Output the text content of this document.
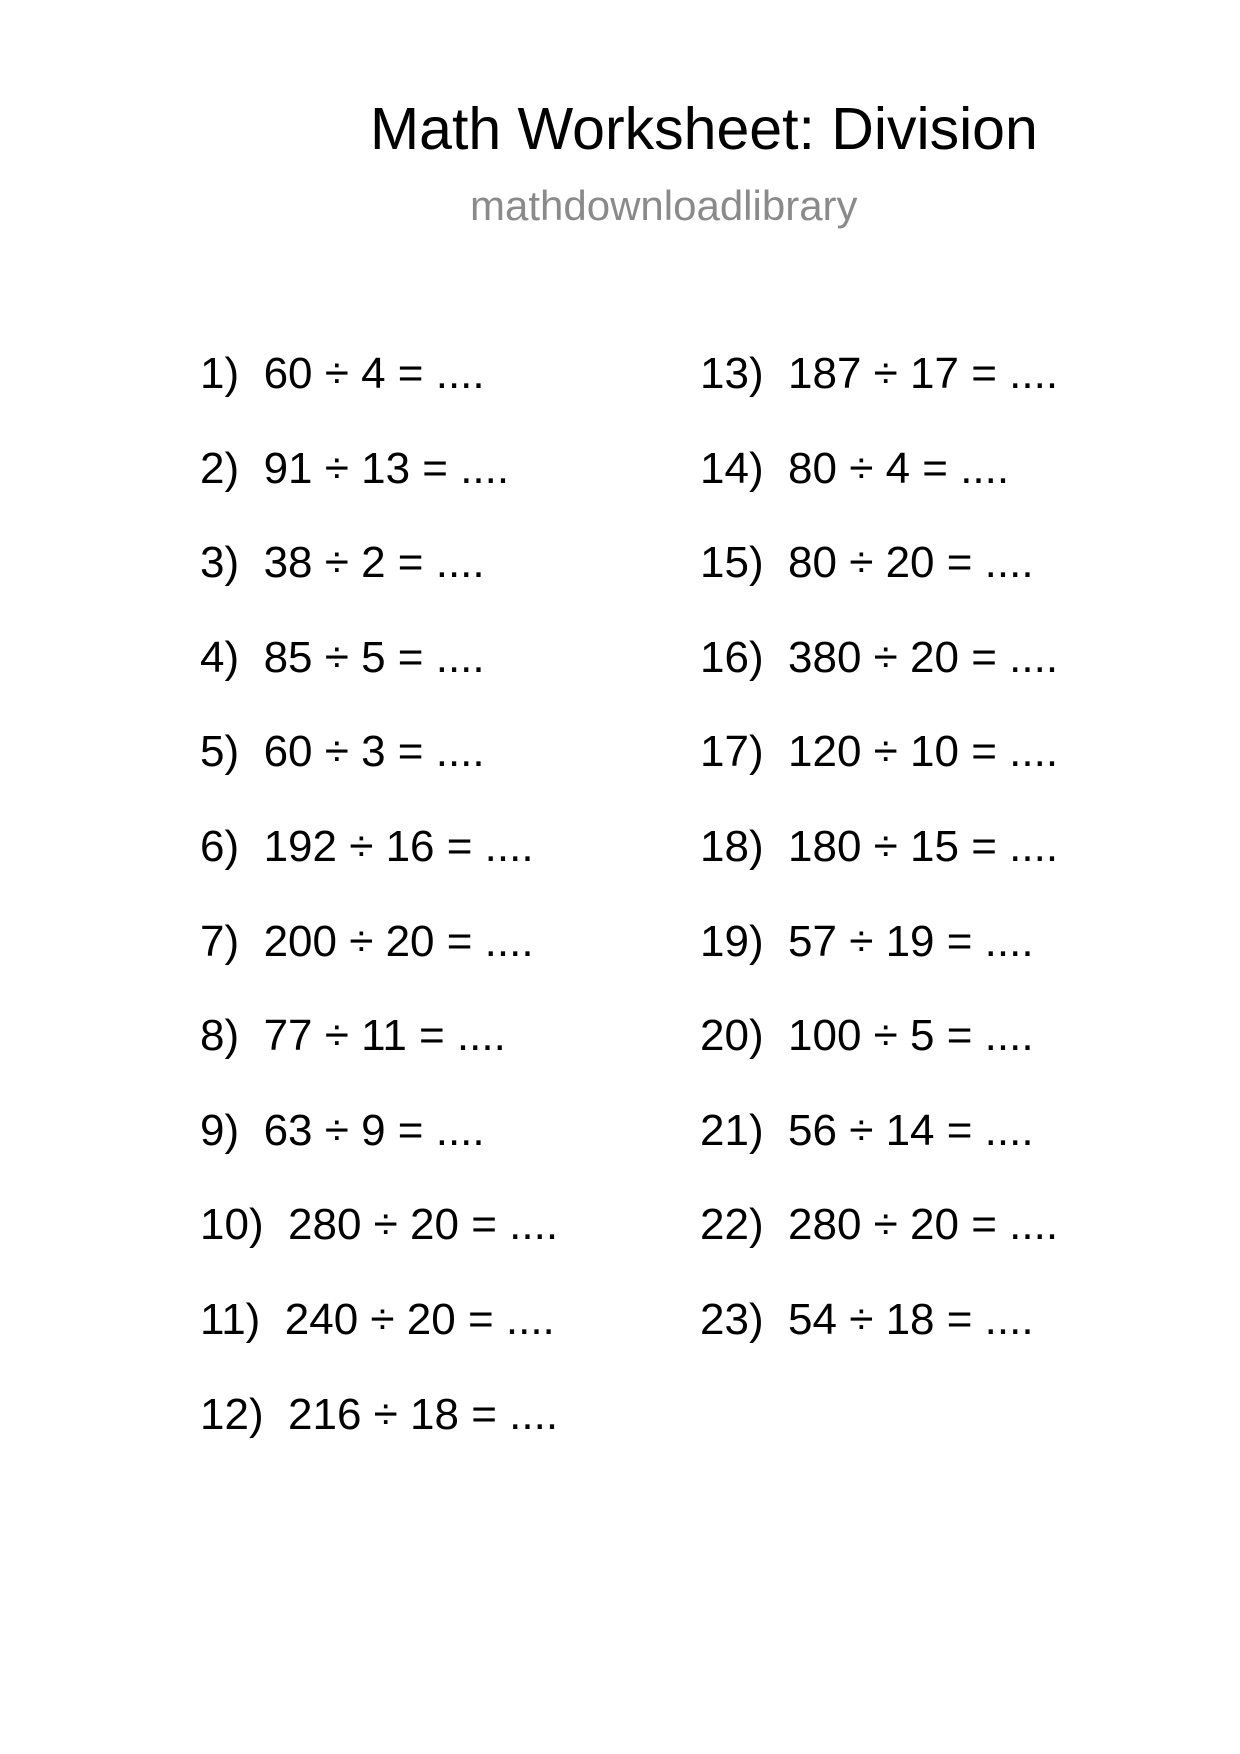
Math Worksheet: Division
mathdownloadlibrary
1)  60 ÷ 4 = ....
2)  91 ÷ 13 = ....
3)  38 ÷ 2 = ....
4)  85 ÷ 5 = ....
5)  60 ÷ 3 = ....
6)  192 ÷ 16 = ....
7)  200 ÷ 20 = ....
8)  77 ÷ 11 = ....
9)  63 ÷ 9 = ....
10)  280 ÷ 20 = ....
11)  240 ÷ 20 = ....
12)  216 ÷ 18 = ....
13)  187 ÷ 17 = ....
14)  80 ÷ 4 = ....
15)  80 ÷ 20 = ....
16)  380 ÷ 20 = ....
17)  120 ÷ 10 = ....
18)  180 ÷ 15 = ....
19)  57 ÷ 19 = ....
20)  100 ÷ 5 = ....
21)  56 ÷ 14 = ....
22)  280 ÷ 20 = ....
23)  54 ÷ 18 = ....
